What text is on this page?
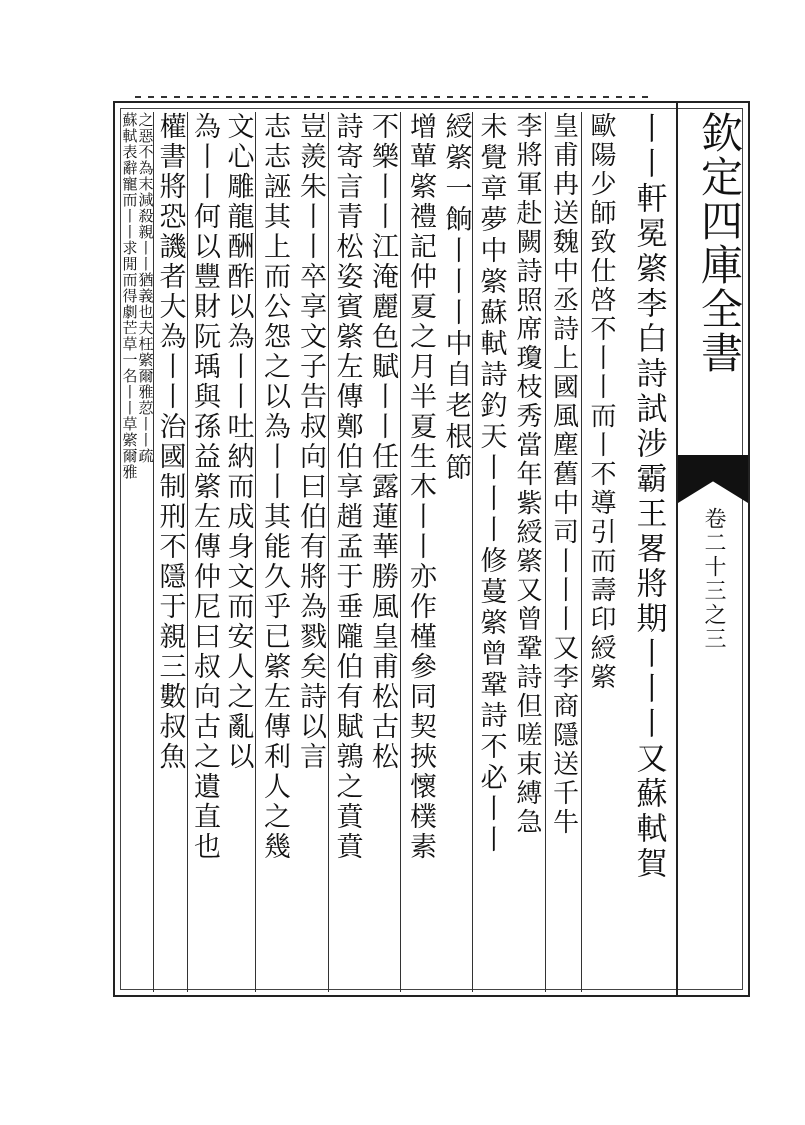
欽定四庫全書
卷二十三之三
丨丨軒冕綮李白詩試涉霸王畧將期丨丨丨又蘇軾賀
歐陽少師致仕啓不丨丨而丨不導引而壽印綬綮
皇甫冉送魏中丞詩上國風塵舊中司丨丨丨又李商隱送千牛
李將軍赴闕詩照席瓊枝秀當年紫綬綮又曾鞏詩但嗟束縛急
未覺章夢中綮蘇軾詩釣天丨丨丨修蔓綮曾鞏詩不必丨丨
綬綮一餉丨丨丨中自老根節
增蕇綮禮記仲夏之月半夏生木丨丨亦作槿參同契挾懷樸素
不樂丨丨江淹麗色賦丨丨任露蓮華勝風皇甫松古松
詩寄言青松姿賓綮左傳鄭伯享趙孟于垂隴伯有賦鶉之賁賁
豈羨朱丨丨卒享文子告叔向曰伯有將為戮矣詩以言
志志誣其上而公怨之以為丨丨其能久乎已綮左傳利人之幾
文心雕龍酬酢以為丨丨吐納而成身文而安人之亂以
為丨丨何以豐財阮瑀與孫益綮左傳仲尼曰叔向古之遺直也
權書將恐譏者大為丨丨治國制刑不隱于親三數叔魚
之惡不為末減殺親丨丨猶義也夫枉綮爾雅荵丨丨疏
蘇軾表辭寵而丨丨求閒而得劇芒草一名丨丨草綮爾雅
